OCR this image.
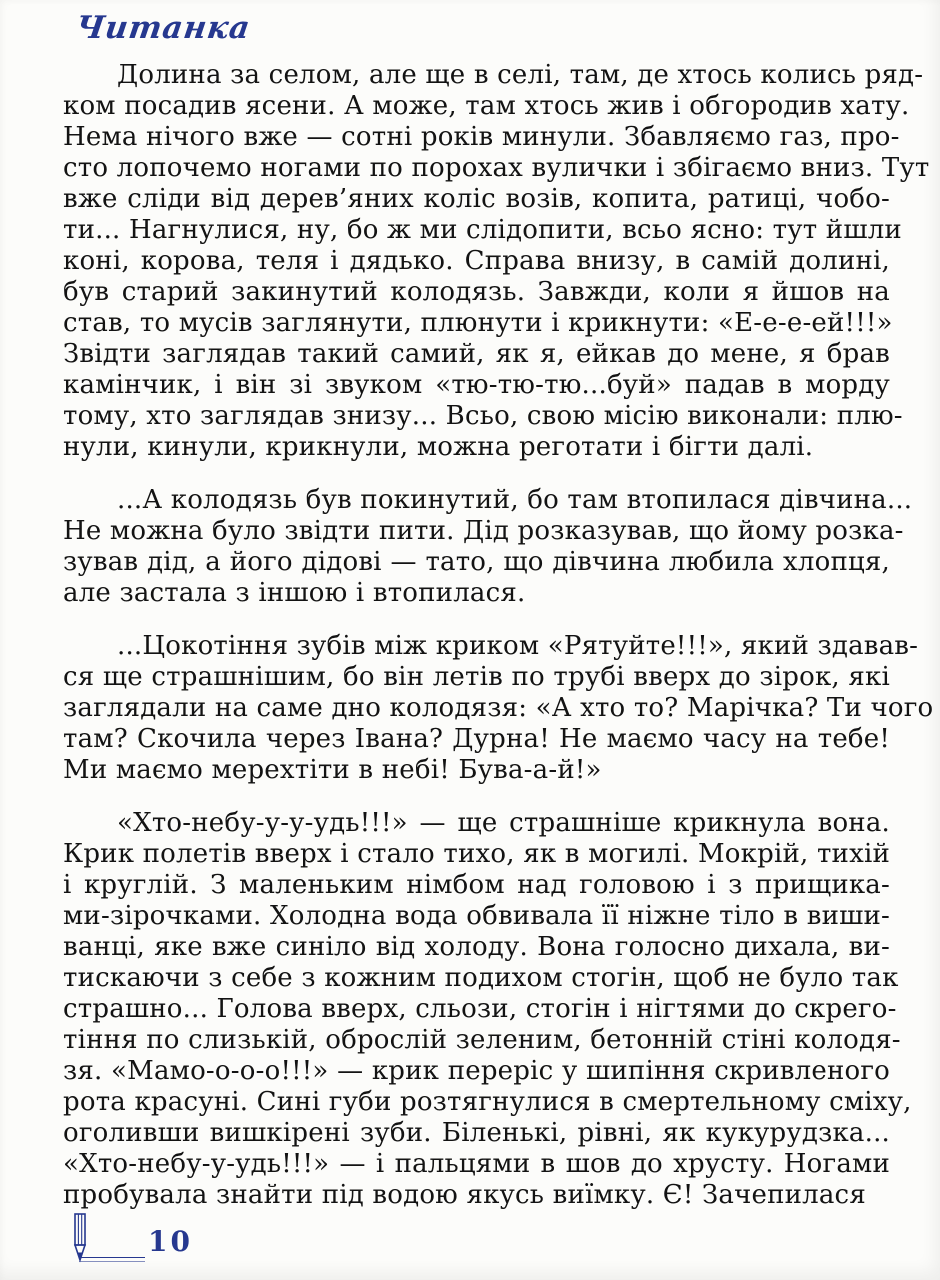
Читанка
Долина за селом, але ще в селі, там, де хтось колись ряд-
ком посадив ясени. А може, там хтось жив і обгородив хату.
Нема нічого вже — сотні років минули. Збавляємо газ, про-
сто лопочемо ногами по порохах вулички і збігаємо вниз. Тут
вже сліди від дерев’яних коліс возів, копита, ратиці, чобо-
ти... Нагнулися, ну, бо ж ми слідопити, всьо ясно: тут йшли
коні, корова, теля і дядько. Справа внизу, в самій долині,
був старий закинутий колодязь. Завжди, коли я йшов на
став, то мусів заглянути, плюнути і крикнути: «Е-е-е-ей!!!»
Звідти заглядав такий самий, як я, ейкав до мене, я брав
камінчик, і він зі звуком «тю-тю-тю...буй» падав в морду
тому, хто заглядав знизу... Всьо, свою місію виконали: плю-
нули, кинули, крикнули, можна реготати і бігти далі.
...А колодязь був покинутий, бо там втопилася дівчина...
Не можна було звідти пити. Дід розказував, що йому розка-
зував дід, а його дідові — тато, що дівчина любила хлопця,
але застала з іншою і втопилася.
...Цокотіння зубів між криком «Рятуйте!!!», який здавав-
ся ще страшнішим, бо він летів по трубі вверх до зірок, які
заглядали на саме дно колодязя: «А хто то? Марічка? Ти чого
там? Скочила через Івана? Дурна! Не маємо часу на тебе!
Ми маємо мерехтіти в небі! Бува-а-й!»
«Хто-небу-у-у-удь!!!» — ще страшніше крикнула вона.
Крик полетів вверх і стало тихо, як в могилі. Мокрій, тихій
і круглій. З маленьким німбом над головою і з прищика-
ми-зірочками. Холодна вода обвивала її ніжне тіло в виши-
ванці, яке вже синіло від холоду. Вона голосно дихала, ви-
тискаючи з себе з кожним подихом стогін, щоб не було так
страшно... Голова вверх, сльози, стогін і нігтями до скрего-
тіння по слизькій, оброслій зеленим, бетонній стіні колодя-
зя. «Мамо-о-о-о!!!» — крик переріс у шипіння скривленого
рота красуні. Сині губи розтягнулися в смертельному сміху,
оголивши вишкірені зуби. Біленькі, рівні, як кукурудзка...
«Хто-небу-у-удь!!!» — і пальцями в шов до хрусту. Ногами
пробувала знайти під водою якусь виїмку. Є! Зачепилася
10
